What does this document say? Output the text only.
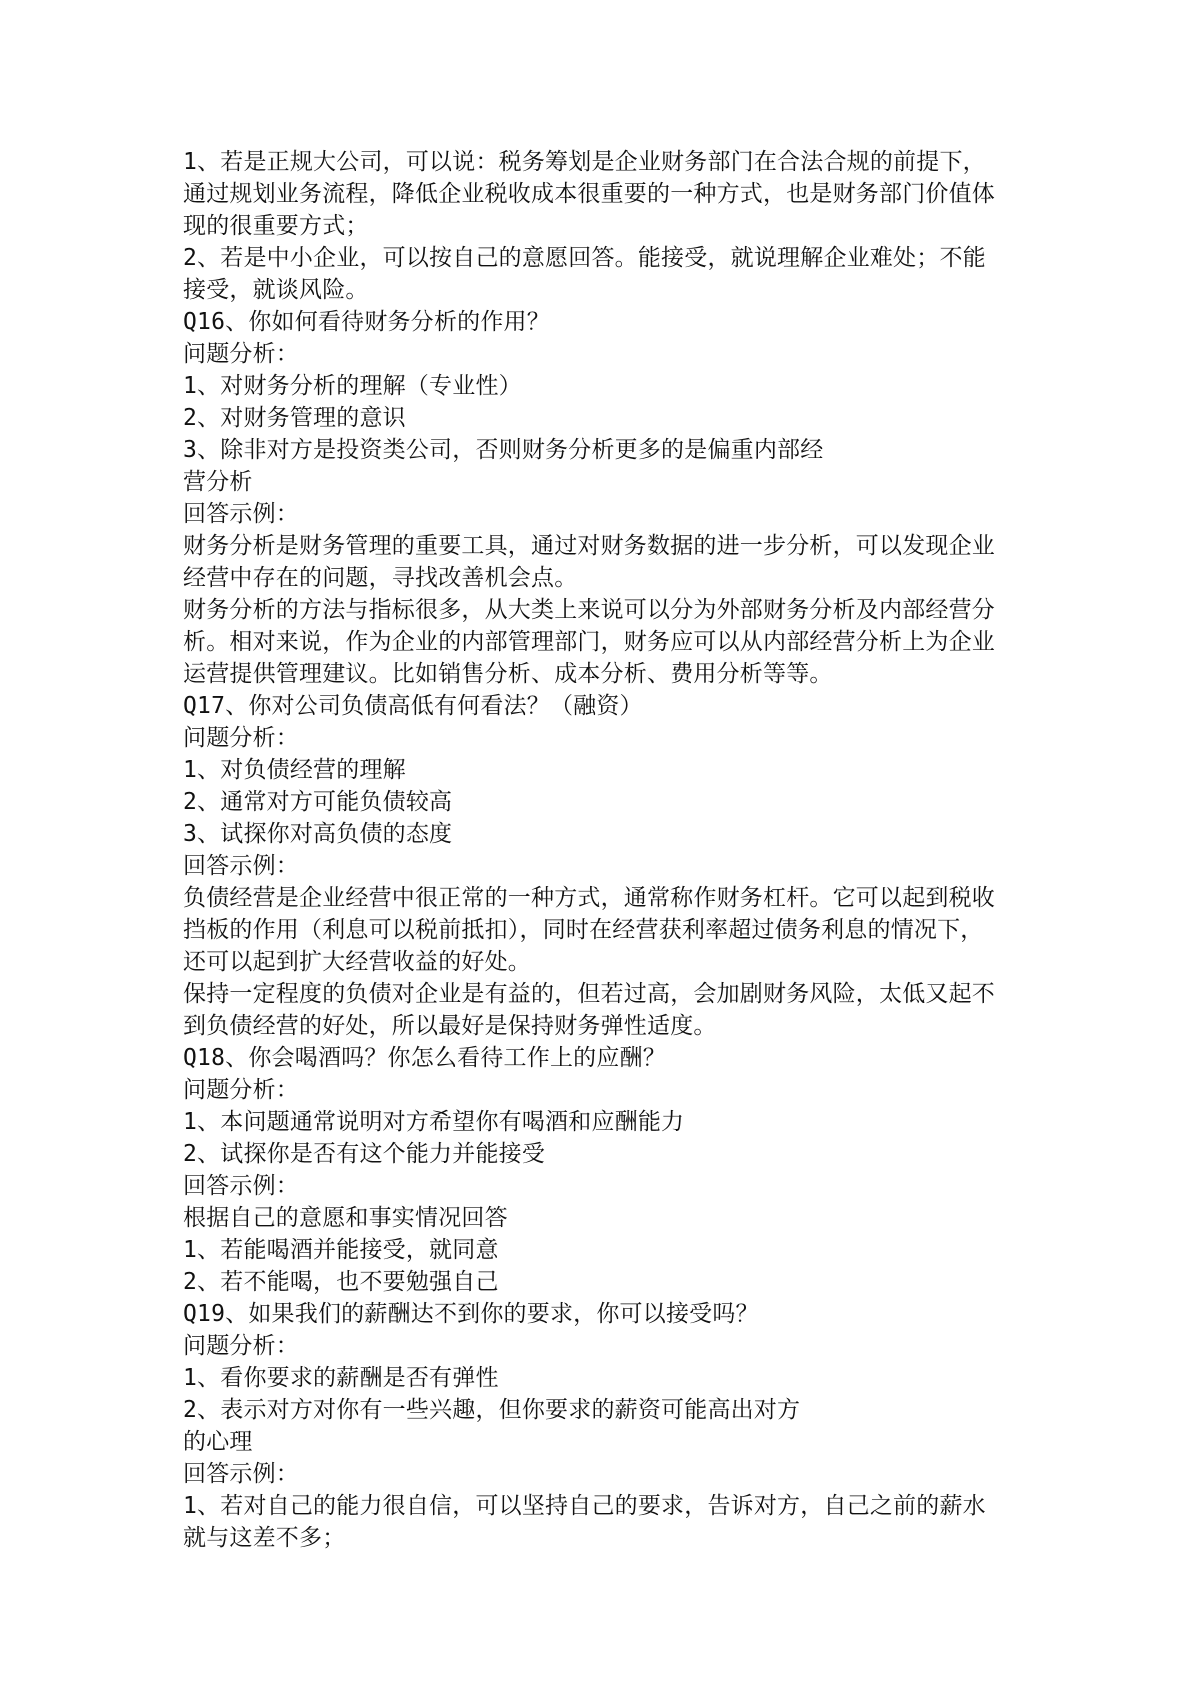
1、若是正规大公司，可以说：税务筹划是企业财务部门在合法合规的前提下，
通过规划业务流程，降低企业税收成本很重要的一种方式，也是财务部门价值体
现的很重要方式；
2、若是中小企业，可以按自己的意愿回答。能接受，就说理解企业难处；不能
接受，就谈风险。
Q16、你如何看待财务分析的作用？
问题分析：
1、对财务分析的理解（专业性）
2、对财务管理的意识
3、除非对方是投资类公司，否则财务分析更多的是偏重内部经
营分析
回答示例：
财务分析是财务管理的重要工具，通过对财务数据的进一步分析，可以发现企业
经营中存在的问题，寻找改善机会点。
财务分析的方法与指标很多，从大类上来说可以分为外部财务分析及内部经营分
析。相对来说，作为企业的内部管理部门，财务应可以从内部经营分析上为企业
运营提供管理建议。比如销售分析、成本分析、费用分析等等。
Q17、你对公司负债高低有何看法？（融资）
问题分析：
1、对负债经营的理解
2、通常对方可能负债较高
3、试探你对高负债的态度
回答示例：
负债经营是企业经营中很正常的一种方式，通常称作财务杠杆。它可以起到税收
挡板的作用（利息可以税前抵扣），同时在经营获利率超过债务利息的情况下，
还可以起到扩大经营收益的好处。
保持一定程度的负债对企业是有益的，但若过高，会加剧财务风险，太低又起不
到负债经营的好处，所以最好是保持财务弹性适度。
Q18、你会喝酒吗？你怎么看待工作上的应酬？
问题分析：
1、本问题通常说明对方希望你有喝酒和应酬能力
2、试探你是否有这个能力并能接受
回答示例：
根据自己的意愿和事实情况回答
1、若能喝酒并能接受，就同意
2、若不能喝，也不要勉强自己
Q19、如果我们的薪酬达不到你的要求，你可以接受吗？
问题分析：
1、看你要求的薪酬是否有弹性
2、表示对方对你有一些兴趣，但你要求的薪资可能高出对方
的心理
回答示例：
1、若对自己的能力很自信，可以坚持自己的要求，告诉对方，自己之前的薪水
就与这差不多；
